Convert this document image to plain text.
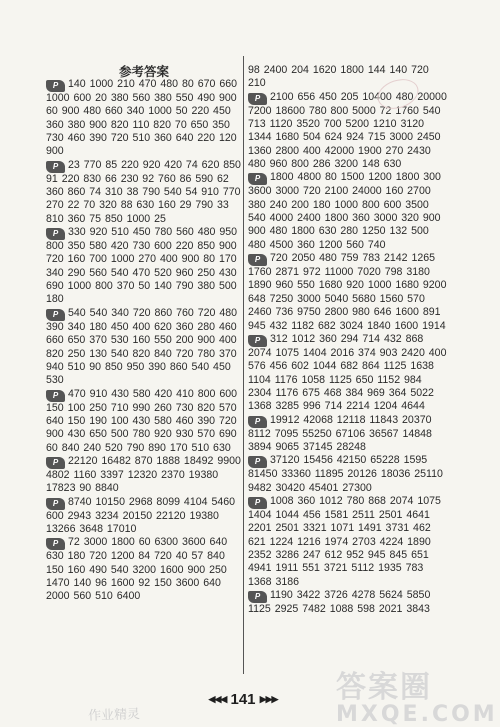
参考答案

P 140 1000 210 470 480 80 670 660 1000 600 20 380 560 380 550 490 900 60 900 480 660 340 1000 50 220 450 360 380 900 820 110 820 70 650 350 730 460 390 720 510 360 640 220 120 900

P 23 770 85 220 920 420 74 620 850 91 220 830 66 230 92 760 86 590 62 360 860 74 310 38 790 540 54 910 770 270 22 70 320 88 630 160 29 790 33 810 360 75 850 1000 25

P 330 920 510 450 780 560 480 950 800 350 580 420 730 600 220 850 900 720 160 700 1000 270 400 900 80 170 340 290 560 540 470 520 960 250 430 690 1000 800 370 50 140 790 380 500 180

P 540 540 340 720 860 760 720 480 390 340 180 450 400 620 360 280 460 660 650 370 530 160 550 200 900 400 820 250 130 540 820 840 720 780 370 940 510 90 850 950 390 860 540 450 530

P 470 910 430 580 420 410 800 600 150 100 250 710 990 260 730 820 570 640 150 190 100 430 580 460 390 720 900 430 650 500 780 920 930 570 690 60 840 240 520 790 890 170 510 630

P 22120 16482 870 1888 18492 9900 4802 1160 3397 12320 2370 19380 17823 90 8840

P 8740 10150 2968 8099 4104 5460 600 2943 3234 20150 22120 19380 13266 3648 17010

P 72 3000 1800 60 6300 3600 640 630 180 720 1200 84 720 40 57 840 150 160 490 540 3200 1600 900 250 1470 140 96 1600 92 150 3600 640 2000 560 510 6400

98 2400 204 1620 1800 144 140 720 210

P 2100 656 450 205 10400 480 20000 7200 18600 780 800 5000 72 1760 540 713 1120 3520 700 5200 1210 3120 1344 1680 504 624 924 715 3000 2450 1360 2800 400 42000 1900 270 2430 480 960 800 286 3200 148 630

P 1800 4800 80 1500 1200 1800 300 3600 3000 720 2100 24000 160 2700 380 240 200 180 1000 800 600 3500 540 4000 2400 1800 360 3000 320 900 900 480 1800 630 280 1250 132 500 480 4500 360 1200 560 740

P 720 2050 480 759 783 2142 1265 1760 2871 972 11000 7020 798 3180 1890 960 550 1680 920 1000 1680 9200 648 7250 3000 5040 5680 1560 570 2460 736 9750 2800 980 646 1600 891 945 432 1182 682 3024 1840 1600 1914

P 312 1012 360 294 714 432 868 2074 1075 1404 2016 374 903 2420 400 576 456 602 1044 682 864 1125 1638 1104 1176 1058 1125 650 1152 984 2304 1176 675 468 384 969 364 5022 1368 3285 996 714 2214 1204 4644

P 19912 42068 12118 11843 20370 8112 7095 55250 67106 36567 14848 3894 9065 37145 28248

P 37120 15456 42150 65228 1595 81450 33360 11895 20126 18036 25110 9482 30420 45401 27300

P 1008 360 1012 780 868 2074 1075 1404 1044 456 1581 2511 2501 4641 2201 2501 3321 1071 1491 3731 462 621 1224 1216 1974 2703 4224 1890 2352 3286 247 612 952 945 845 651 4941 1911 551 3721 5112 1935 783 1368 3186

P 1190 3422 3726 4278 5624 5850 1125 2925 7482 1088 598 2021 3843

◀◀◀ 141 ▶▶▶	答案圈
MXQE.COM
作业精灵
